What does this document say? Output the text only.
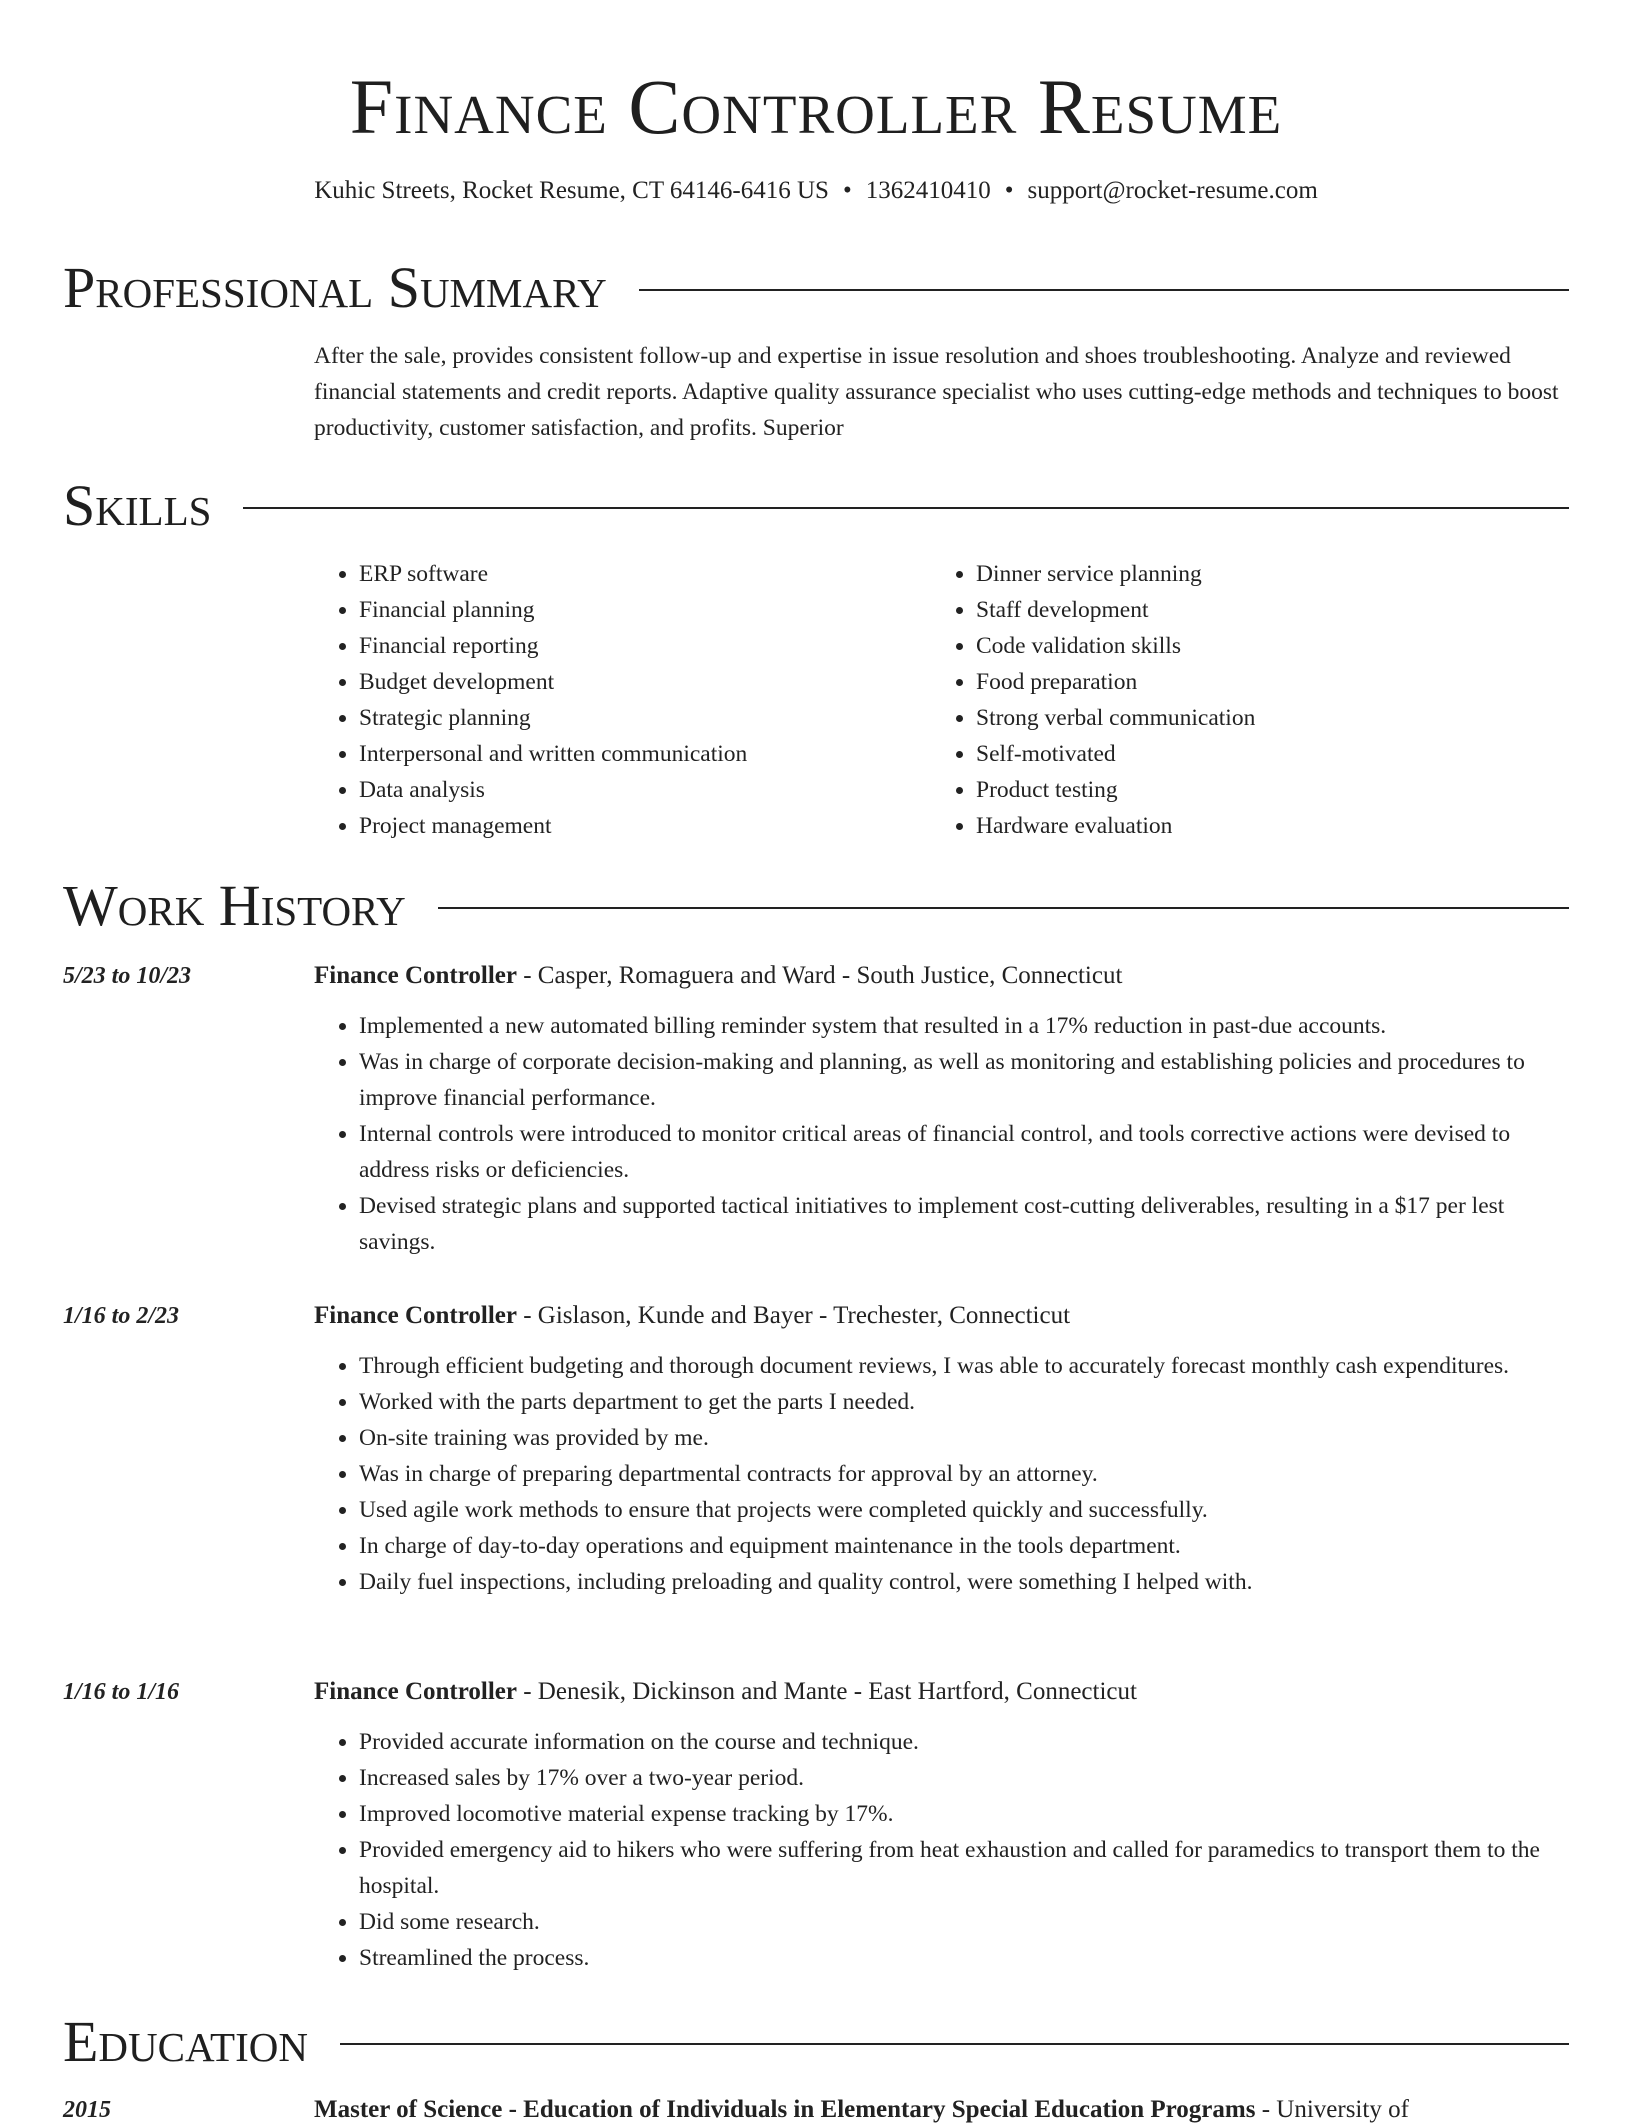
Finance Controller Resume
Kuhic Streets, Rocket Resume, CT 64146-6416 US • 1362410410 • support@rocket-resume.com
Professional Summary

After the sale, provides consistent follow-up and expertise in issue resolution and shoes troubleshooting. Analyze and reviewed financial statements and credit reports. Adaptive quality assurance specialist who uses cutting-edge methods and techniques to boost productivity, customer satisfaction, and profits. Superior

Skills
• ERP software
• Financial planning
• Financial reporting
• Budget development
• Strategic planning
• Interpersonal and written communication
• Data analysis
• Project management
• Dinner service planning
• Staff development
• Code validation skills
• Food preparation
• Strong verbal communication
• Self-motivated
• Product testing
• Hardware evaluation
Work History
5/23 to 10/23	Finance Controller - Casper, Romaguera and Ward - South Justice, Connecticut
• Implemented a new automated billing reminder system that resulted in a 17% reduction in past-due accounts.
• Was in charge of corporate decision-making and planning, as well as monitoring and establishing policies and procedures to improve financial performance.
• Internal controls were introduced to monitor critical areas of financial control, and tools corrective actions were devised to address risks or deficiencies.
• Devised strategic plans and supported tactical initiatives to implement cost-cutting deliverables, resulting in a $17 per lest savings.
1/16 to 2/23	Finance Controller - Gislason, Kunde and Bayer - Trechester, Connecticut
• Through efficient budgeting and thorough document reviews, I was able to accurately forecast monthly cash expenditures.
• Worked with the parts department to get the parts I needed.
• On-site training was provided by me.
• Was in charge of preparing departmental contracts for approval by an attorney.
• Used agile work methods to ensure that projects were completed quickly and successfully.
• In charge of day-to-day operations and equipment maintenance in the tools department.
• Daily fuel inspections, including preloading and quality control, were something I helped with.
1/16 to 1/16	Finance Controller - Denesik, Dickinson and Mante - East Hartford, Connecticut
• Provided accurate information on the course and technique.
• Increased sales by 17% over a two-year period.
• Improved locomotive material expense tracking by 17%.
• Provided emergency aid to hikers who were suffering from heat exhaustion and called for paramedics to transport them to the hospital.
• Did some research.
• Streamlined the process.
Education
2015	Master of Science - Education of Individuals in Elementary Special Education Programs - University of
